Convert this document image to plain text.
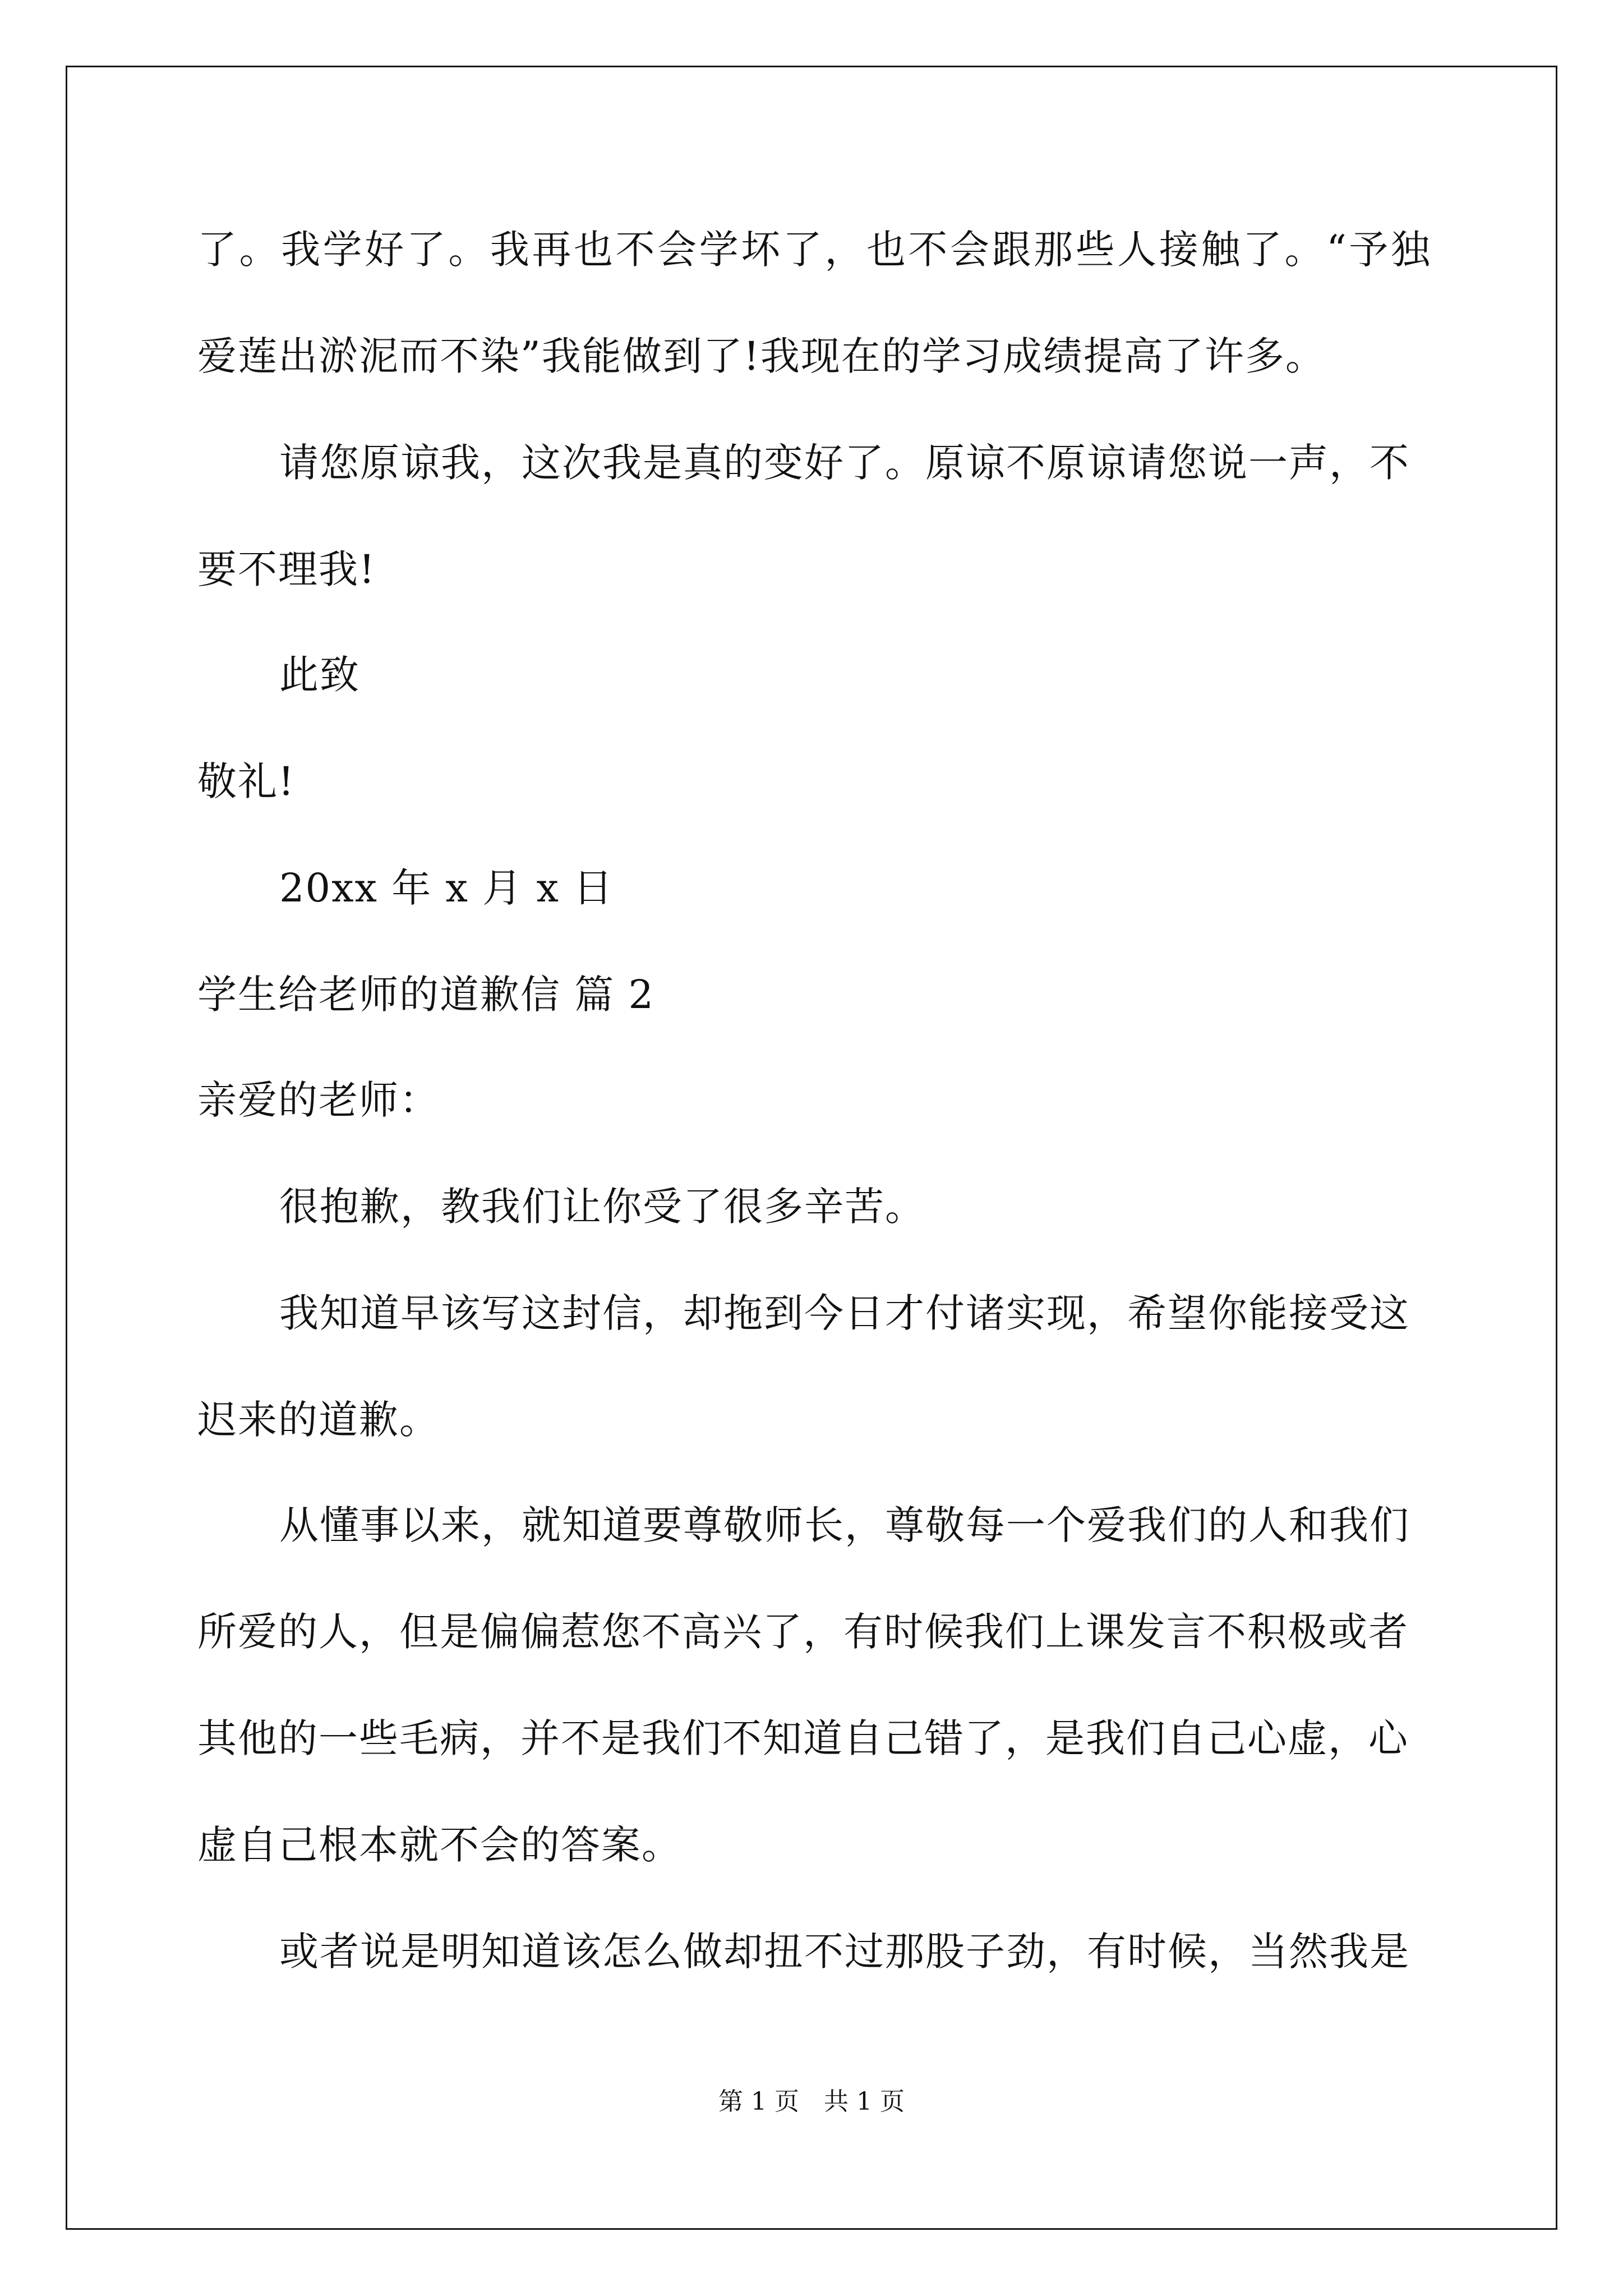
了。我学好了。我再也不会学坏了，也不会跟那些人接触了。“予独
爱莲出淤泥而不染”我能做到了!我现在的学习成绩提高了许多。
请您原谅我，这次我是真的变好了。原谅不原谅请您说一声，不
要不理我!
此致
敬礼!
20xx 年 x 月 x 日
学生给老师的道歉信 篇 2
亲爱的老师：
很抱歉，教我们让你受了很多辛苦。
我知道早该写这封信，却拖到今日才付诸实现，希望你能接受这
迟来的道歉。
从懂事以来，就知道要尊敬师长，尊敬每一个爱我们的人和我们
所爱的人，但是偏偏惹您不高兴了，有时候我们上课发言不积极或者
其他的一些毛病，并不是我们不知道自己错了，是我们自己心虚，心
虚自己根本就不会的答案。
或者说是明知道该怎么做却扭不过那股子劲，有时候，当然我是
第 1 页　共 1 页
